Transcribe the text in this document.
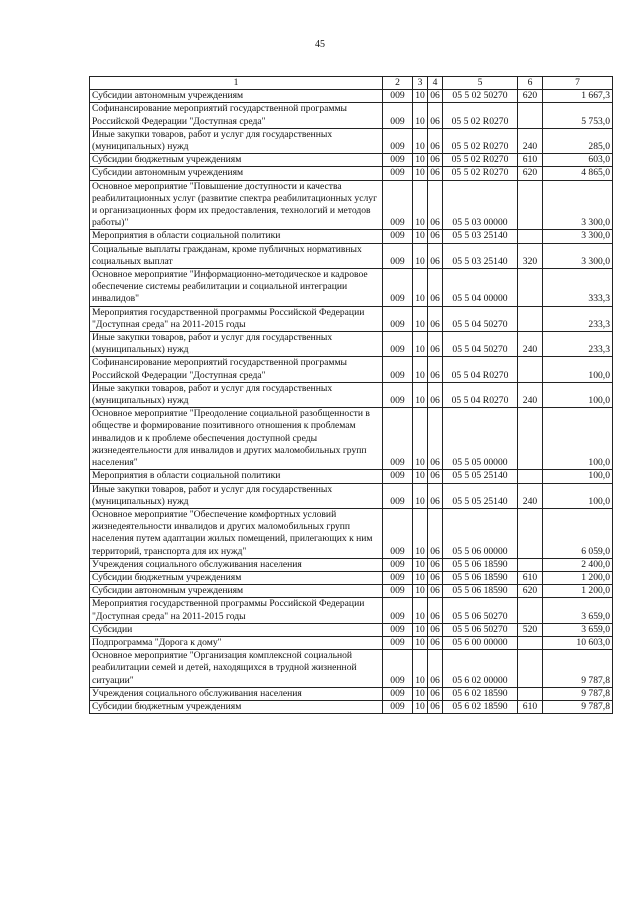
45
1	2	3	4	5	6	7
Субсидии автономным учреждениям	009	10	06	05 5 02 50270	620	1 667,3
Софинансирование мероприятий государственной программы Российской Федерации "Доступная среда"	009	10	06	05 5 02 R0270		5 753,0
Иные закупки товаров, работ и услуг для государственных (муниципальных) нужд	009	10	06	05 5 02 R0270	240	285,0
Субсидии бюджетным учреждениям	009	10	06	05 5 02 R0270	610	603,0
Субсидии автономным учреждениям	009	10	06	05 5 02 R0270	620	4 865,0
Основное мероприятие "Повышение доступности и качества реабилитационных услуг (развитие спектра реабилитационных услуг и организационных форм их предоставления, технологий и методов работы)"	009	10	06	05 5 03 00000		3 300,0
Мероприятия в области социальной политики	009	10	06	05 5 03 25140		3 300,0
Социальные выплаты гражданам, кроме публичных нормативных социальных выплат	009	10	06	05 5 03 25140	320	3 300,0
Основное мероприятие "Информационно-методическое и кадровое обеспечение системы реабилитации и социальной интеграции инвалидов"	009	10	06	05 5 04 00000		333,3
Мероприятия государственной программы Российской Федерации "Доступная среда" на 2011-2015 годы	009	10	06	05 5 04 50270		233,3
Иные закупки товаров, работ и услуг для государственных (муниципальных) нужд	009	10	06	05 5 04 50270	240	233,3
Софинансирование мероприятий государственной программы Российской Федерации "Доступная среда"	009	10	06	05 5 04 R0270		100,0
Иные закупки товаров, работ и услуг для государственных (муниципальных) нужд	009	10	06	05 5 04 R0270	240	100,0
Основное мероприятие "Преодоление социальной разобщенности в обществе и формирование позитивного отношения к проблемам инвалидов и к проблеме обеспечения доступной среды жизнедеятельности для инвалидов и других маломобильных групп населения"	009	10	06	05 5 05 00000		100,0
Мероприятия в области социальной политики	009	10	06	05 5 05 25140		100,0
Иные закупки товаров, работ и услуг для государственных (муниципальных) нужд	009	10	06	05 5 05 25140	240	100,0
Основное мероприятие "Обеспечение комфортных условий жизнедеятельности инвалидов и других маломобильных групп населения путем адаптации жилых помещений, прилегающих к ним территорий, транспорта для их нужд"	009	10	06	05 5 06 00000		6 059,0
Учреждения социального обслуживания населения	009	10	06	05 5 06 18590		2 400,0
Субсидии бюджетным учреждениям	009	10	06	05 5 06 18590	610	1 200,0
Субсидии автономным учреждениям	009	10	06	05 5 06 18590	620	1 200,0
Мероприятия государственной программы Российской Федерации "Доступная среда" на 2011-2015 годы	009	10	06	05 5 06 50270		3 659,0
Субсидии	009	10	06	05 5 06 50270	520	3 659,0
Подпрограмма "Дорога к дому"	009	10	06	05 6 00 00000		10 603,0
Основное мероприятие "Организация комплексной социальной реабилитации семей и детей, находящихся в трудной жизненной ситуации"	009	10	06	05 6 02 00000		9 787,8
Учреждения социального обслуживания населения	009	10	06	05 6 02 18590		9 787,8
Субсидии бюджетным учреждениям	009	10	06	05 6 02 18590	610	9 787,8
